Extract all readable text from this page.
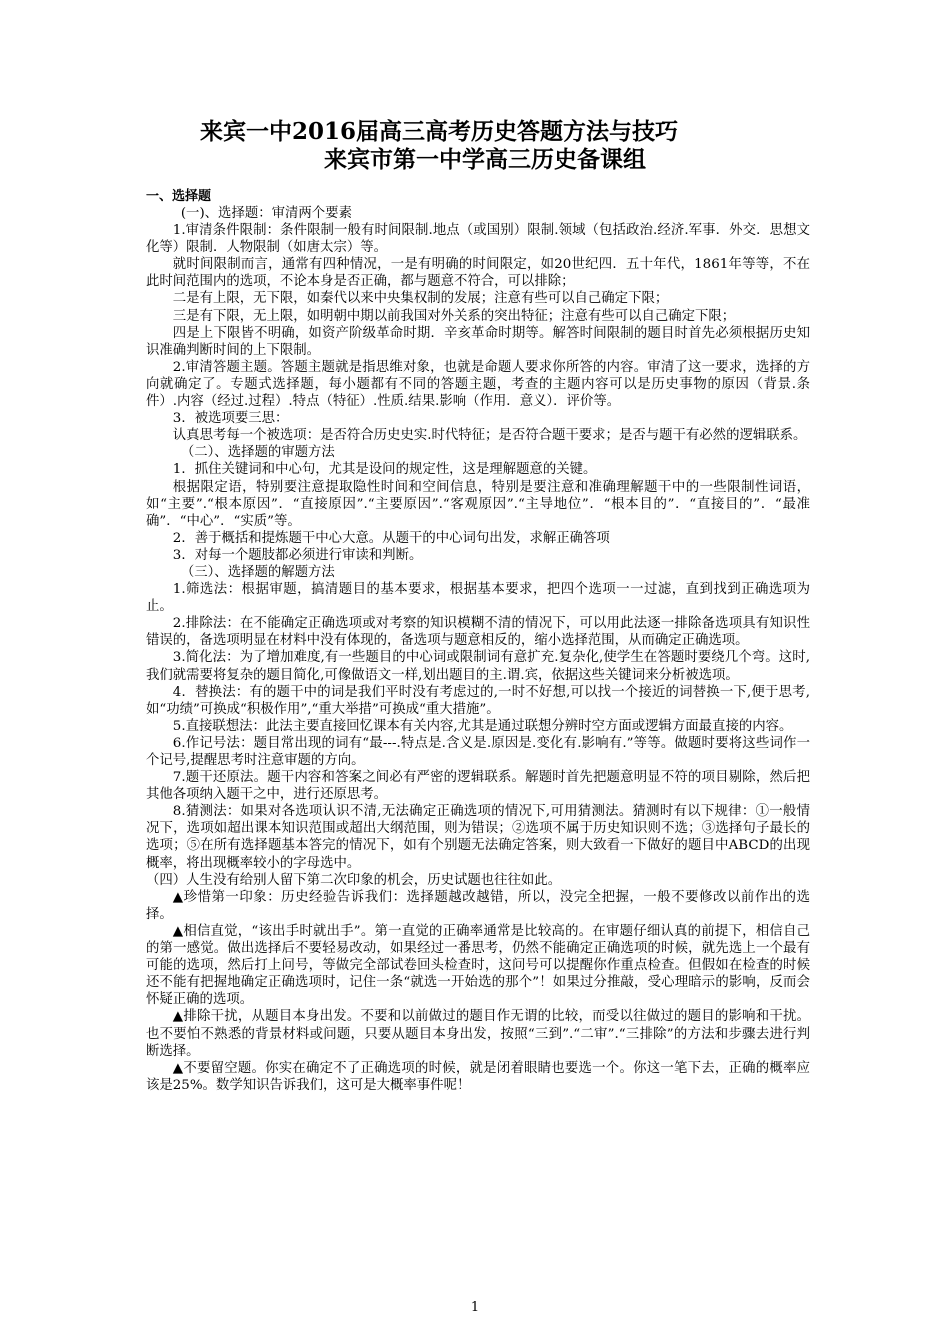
来宾一中2016届高三高考历史答题方法与技巧

来宾市第一中学高三历史备课组

一、选择题

(一)、选择题：审清两个要素

1.审清条件限制：条件限制一般有时间限制.地点（或国别）限制.领域（包括政治.经济.军事．外交．思想文化等）限制．人物限制（如唐太宗）等。

就时间限制而言，通常有四种情况，一是有明确的时间限定，如20世纪四．五十年代，1861年等等，不在此时间范围内的选项，不论本身是否正确，都与题意不符合，可以排除；

二是有上限，无下限，如秦代以来中央集权制的发展；注意有些可以自己确定下限；

三是有下限，无上限，如明朝中期以前我国对外关系的突出特征；注意有些可以自己确定下限；

四是上下限皆不明确，如资产阶级革命时期．辛亥革命时期等。解答时间限制的题目时首先必须根据历史知识准确判断时间的上下限制。

2.审清答题主题。答题主题就是指思维对象，也就是命题人要求你所答的内容。审清了这一要求，选择的方向就确定了。专题式选择题，每小题都有不同的答题主题，考查的主题内容可以是历史事物的原因（背景.条件）.内容（经过.过程）.特点（特征）.性质.结果.影响（作用．意义）．评价等。

3．被选项要三思：

认真思考每一个被选项：是否符合历史史实.时代特征；是否符合题干要求；是否与题干有必然的逻辑联系。

（二）、选择题的审题方法

1．抓住关键词和中心句，尤其是设问的规定性，这是理解题意的关键。

根据限定语，特别要注意提取隐性时间和空间信息，特别是要注意和准确理解题干中的一些限制性词语，如“主要”.“根本原因”．“直接原因”.“主要原因”.“客观原因”.“主导地位”．“根本目的”．“直接目的”．“最准确”．“中心”．“实质”等。

2．善于概括和提炼题干中心大意。从题干的中心词句出发，求解正确答项

3．对每一个题肢都必须进行审读和判断。

（三）、选择题的解题方法

1.筛选法：根据审题，搞清题目的基本要求，根据基本要求，把四个选项一一过滤，直到找到正确选项为止。

2.排除法：在不能确定正确选项或对考察的知识模糊不清的情况下，可以用此法逐一排除备选项具有知识性错误的，备选项明显在材料中没有体现的，备选项与题意相反的，缩小选择范围，从而确定正确选项。

3.简化法：为了增加难度,有一些题目的中心词或限制词有意扩充.复杂化,使学生在答题时要绕几个弯。这时,我们就需要将复杂的题目简化,可像做语文一样,划出题目的主.谓.宾，依据这些关键词来分析被选项。

4．替换法：有的题干中的词是我们平时没有考虑过的,一时不好想,可以找一个接近的词替换一下,便于思考,如“功绩”可换成“积极作用”,“重大举措”可换成“重大措施”。

5.直接联想法：此法主要直接回忆课本有关内容,尤其是通过联想分辨时空方面或逻辑方面最直接的内容。

6.作记号法：题目常出现的词有“最---.特点是.含义是.原因是.变化有.影响有.”等等。做题时要将这些词作一个记号,提醒思考时注意审题的方向。

7.题干还原法。题干内容和答案之间必有严密的逻辑联系。解题时首先把题意明显不符的项目剔除，然后把其他各项纳入题干之中，进行还原思考。

8.猜测法：如果对各选项认识不清,无法确定正确选项的情况下,可用猜测法。猜测时有以下规律：①一般情况下，选项如超出课本知识范围或超出大纲范围，则为错误；②选项不属于历史知识则不选；③选择句子最长的选项；⑤在所有选择题基本答完的情况下，如有个别题无法确定答案，则大致看一下做好的题目中ABCD的出现概率，将出现概率较小的字母选中。

（四）人生没有给别人留下第二次印象的机会，历史试题也往往如此。

▲珍惜第一印象：历史经验告诉我们：选择题越改越错，所以，没完全把握，一般不要修改以前作出的选择。

▲相信直觉，“该出手时就出手”。第一直觉的正确率通常是比较高的。在审题仔细认真的前提下，相信自己的第一感觉。做出选择后不要轻易改动，如果经过一番思考，仍然不能确定正确选项的时候，就先选上一个最有可能的选项，然后打上问号，等做完全部试卷回头检查时，这问号可以提醒你作重点检查。但假如在检查的时候还不能有把握地确定正确选项时，记住一条“就选一开始选的那个”！如果过分推敲，受心理暗示的影响，反而会怀疑正确的选项。

▲排除干扰，从题目本身出发。不要和以前做过的题目作无谓的比较，而受以往做过的题目的影响和干扰。也不要怕不熟悉的背景材料或问题，只要从题目本身出发，按照“三到”.“二审”.“三排除”的方法和步骤去进行判断选择。

▲不要留空题。你实在确定不了正确选项的时候，就是闭着眼睛也要选一个。你这一笔下去，正确的概率应该是25%。数学知识告诉我们，这可是大概率事件呢！

1
